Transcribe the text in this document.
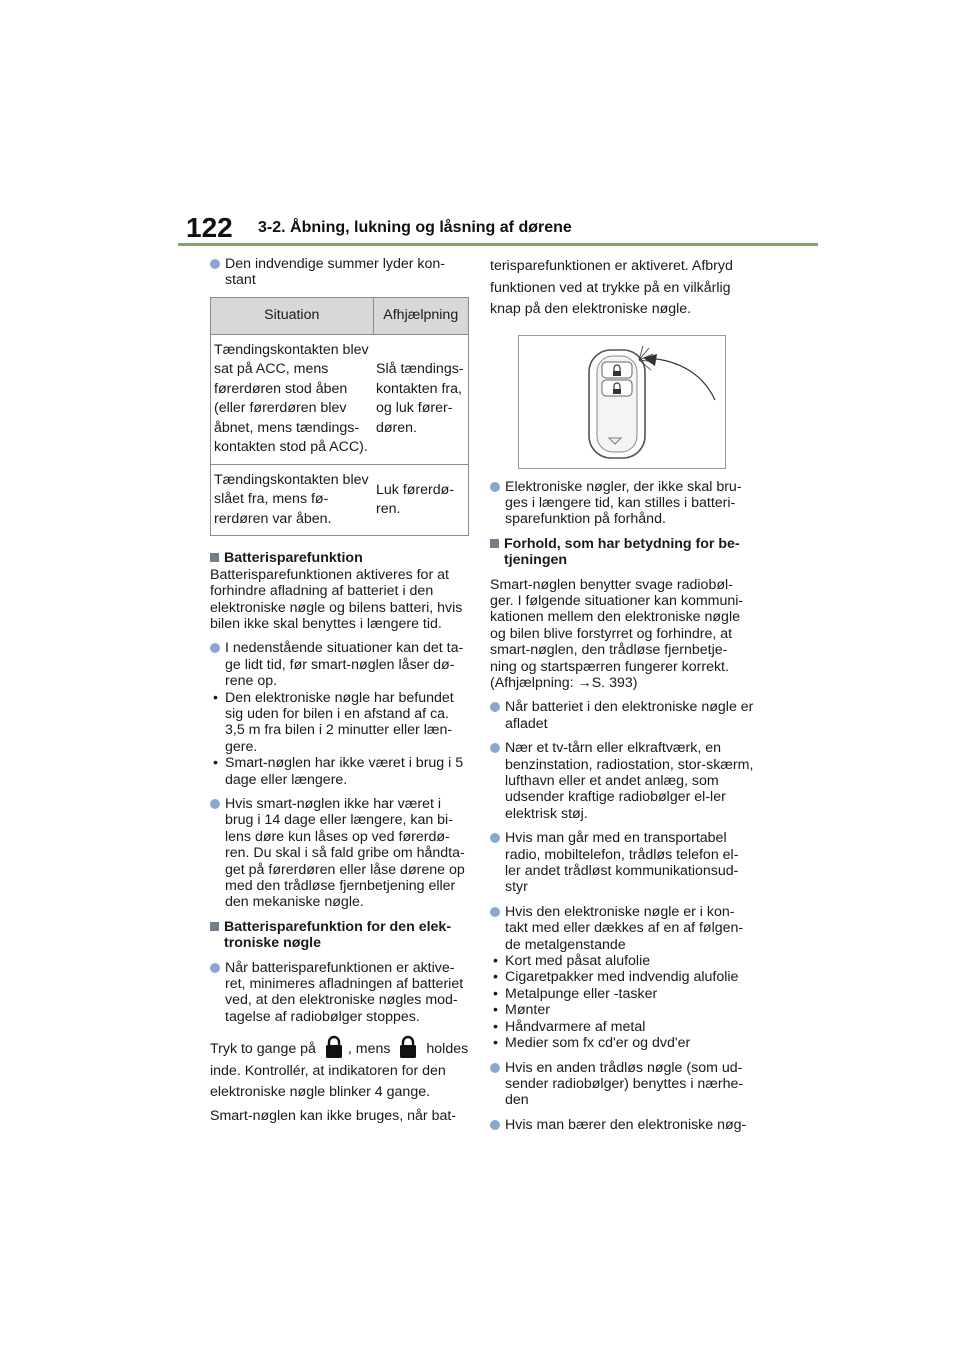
122 3-2. Åbning, lukning og låsning af dørene
Den indvendige summer lyder kon-stant
Situation	Afhjælpning
Tændingskontakten blev sat på ACC, mens førerdøren stod åben (eller førerdøren blev åbnet, mens tændings-kontakten stod på ACC).	Slå tændings-kontakten fra, og luk fører-døren.
Tændingskontakten blev slået fra, mens fø-rerdøren var åben.	Luk førerdø-ren.
Batterisparefunktion

Batterisparefunktionen aktiveres for at forhindre afladning af batteriet i den elektroniske nøgle og bilens batteri, hvis bilen ikke skal benyttes i længere tid.

I nedenstående situationer kan det ta-ge lidt tid, før smart-nøglen låser dø-rene op.
• Den elektroniske nøgle har befundet sig uden for bilen i en afstand af ca. 3,5 m fra bilen i 2 minutter eller læn-gere.
• Smart-nøglen har ikke været i brug i 5 dage eller længere.
Hvis smart-nøglen ikke har været i brug i 14 dage eller længere, kan bi-lens døre kun låses op ved førerdø-ren. Du skal i så fald gribe om håndta-get på førerdøren eller låse dørene op med den trådløse fjernbetjening eller den mekaniske nøgle.
Batterisparefunktion for den elek-troniske nøgle
Når batterisparefunktionen er aktive-ret, minimeres afladningen af batteriet ved, at den elektroniske nøgles mod-tagelse af radiobølger stoppes.
Tryk to gange på , mens	holdes inde. Kontrollér, at indikatoren for den elektroniske nøgle blinker 4 gange.
Smart-nøglen kan ikke bruges, når bat-
terisparefunktionen er aktiveret. Afbryd funktionen ved at trykke på en vilkårlig knap på den elektroniske nøgle.
Elektroniske nøgler, der ikke skal bru-ges i længere tid, kan stilles i batteri-sparefunktion på forhånd.
Forhold, som har betydning for be-tjeningen

Smart-nøglen benytter svage radiobøl-ger. I følgende situationer kan kommuni-kationen mellem den elektroniske nøgle og bilen blive forstyrret og forhindre, at smart-nøglen, den trådløse fjernbetje-ning og startspærren fungerer korrekt. (Afhjælpning: →S. 393)

Når batteriet i den elektroniske nøgle er afladet
Nær et tv-tårn eller elkraftværk, en benzinstation, radiostation, stor-skærm, lufthavn eller et andet anlæg, som udsender kraftige radiobølger el-ler elektrisk støj.
Hvis man går med en transportabel radio, mobiltelefon, trådløs telefon el-ler andet trådløst kommunikationsud-styr
Hvis den elektroniske nøgle er i kon-takt med eller dækkes af en af følgen-de metalgenstande
• Kort med påsat alufolie
• Cigaretpakker med indvendig alufolie
• Metalpunge eller -tasker
• Mønter
• Håndvarmere af metal
• Medier som fx cd'er og dvd'er
Hvis en anden trådløs nøgle (som ud-sender radiobølger) benyttes i nærhe-den
Hvis man bærer den elektroniske nøg-
